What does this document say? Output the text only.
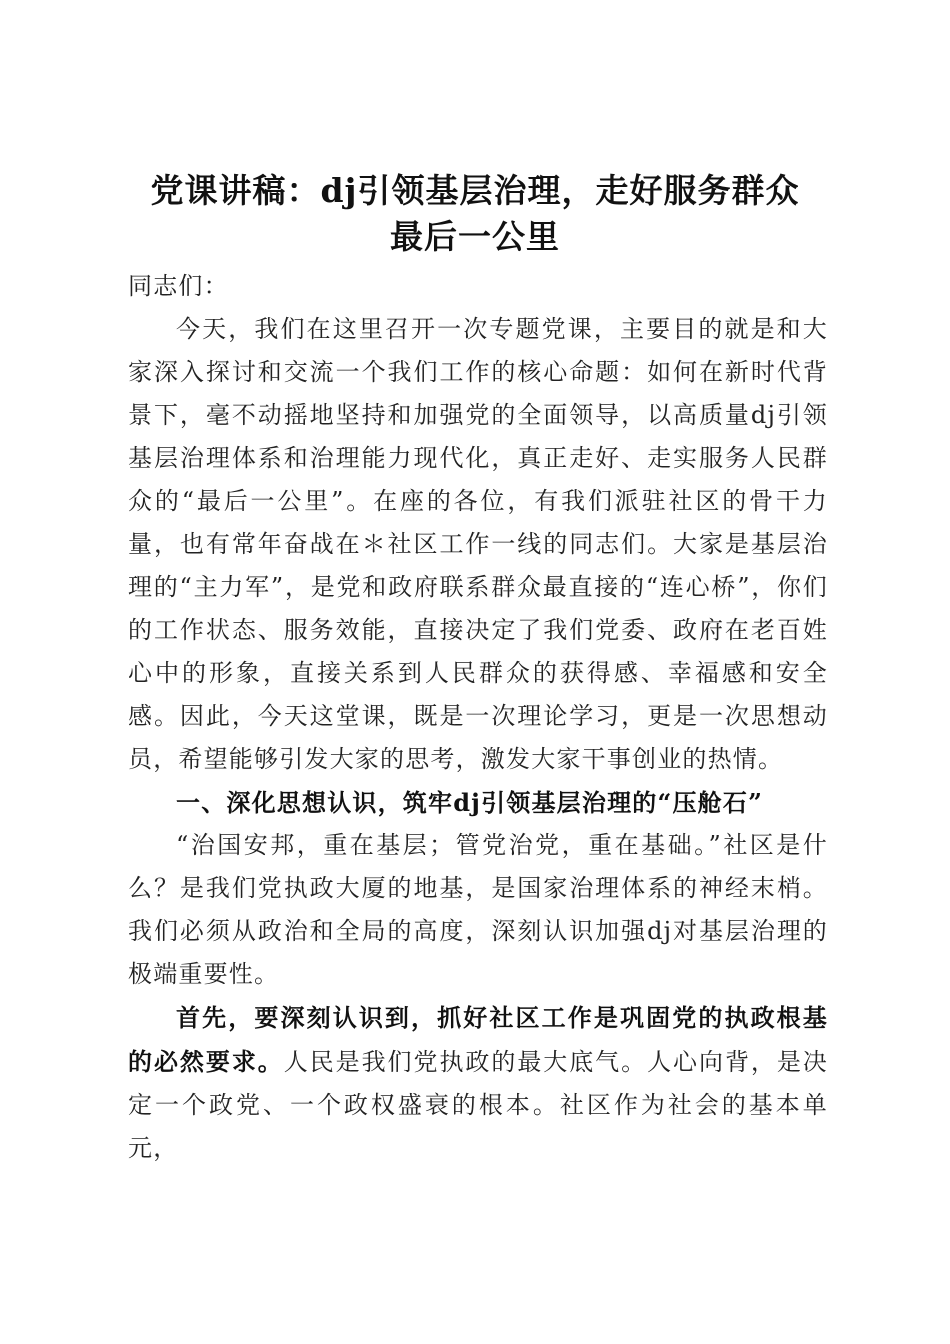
党课讲稿：dj引领基层治理，走好服务群众
最后一公里

同志们：

今天，我们在这里召开一次专题党课，主要目的就是和大家深入探讨和交流一个我们工作的核心命题：如何在新时代背景下，毫不动摇地坚持和加强党的全面领导，以高质量dj引领基层治理体系和治理能力现代化，真正走好、走实服务人民群众的“最后一公里”。在座的各位，有我们派驻社区的骨干力量，也有常年奋战在＊社区工作一线的同志们。大家是基层治理的“主力军”，是党和政府联系群众最直接的“连心桥”，你们的工作状态、服务效能，直接决定了我们党委、政府在老百姓心中的形象，直接关系到人民群众的获得感、幸福感和安全感。因此，今天这堂课，既是一次理论学习，更是一次思想动员，希望能够引发大家的思考，激发大家干事创业的热情。

一、深化思想认识，筑牢dj引领基层治理的“压舱石”

“治国安邦，重在基层；管党治党，重在基础。”社区是什么？是我们党执政大厦的地基，是国家治理体系的神经末梢。我们必须从政治和全局的高度，深刻认识加强dj对基层治理的极端重要性。

首先，要深刻认识到，抓好社区工作是巩固党的执政根基的必然要求。人民是我们党执政的最大底气。人心向背，是决定一个政党、一个政权盛衰的根本。社区作为社会的基本单元，
